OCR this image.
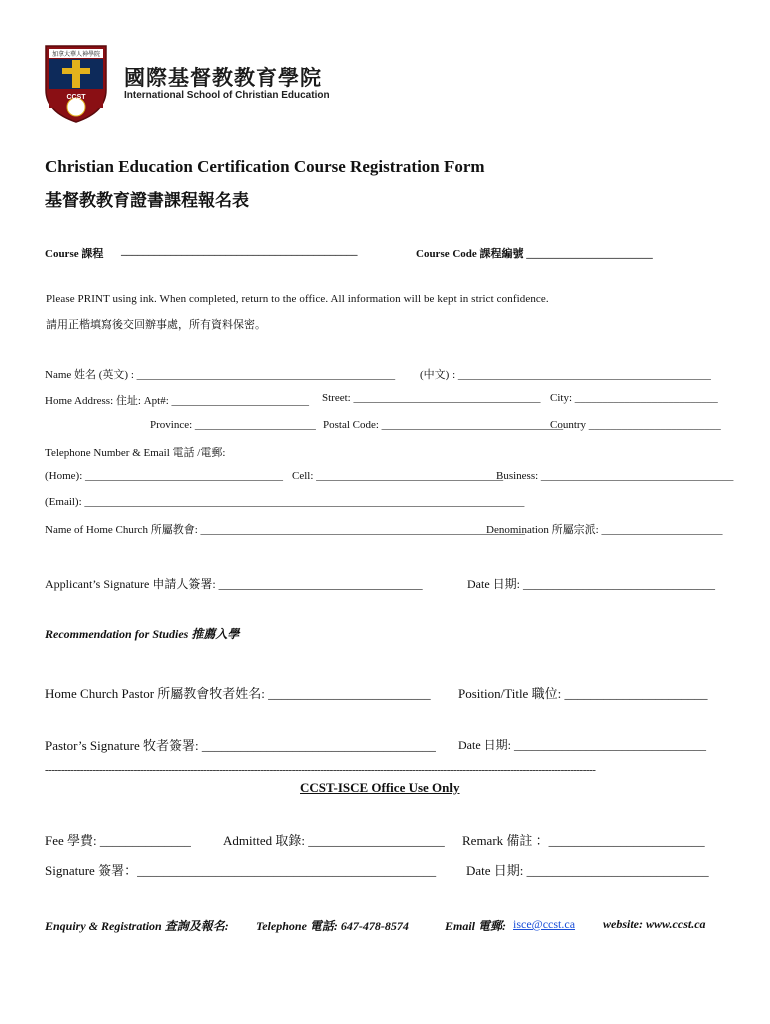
加拿大華人神學院
CCST
國際基督教教育學院
International School of Christian Education
Christian Education Certification Course Registration Form
基督教教育證書課程報名表
Course 課程 ___________________________________________	Course Code 課程編號 _______________________
Please PRINT using ink. When completed, return to the office. All information will be kept in strict confidence.
請用正楷填寫後交回辦事處，所有資料保密。
Name 姓名 (英文) : _______________________________________________ (中文) : ______________________________________________
Home Address: 住址: Apt#: _________________________ Street: __________________________________ City: __________________________
Province: ______________________ Postal Code: _________________________________
Country ________________________
Telephone Number & Email 電話 /電郵:
(Home): ____________________________________ Cell: __________________________________
Business: ___________________________________
(Email): ________________________________________________________________________________
Name of Home Church 所屬教會: ___________________________________________________________
Denomination 所屬宗派: ______________________
Applicant’s Signature 申請人簽署: __________________________________	Date 日期: ________________________________
Recommendation for Studies 推薦入學
Home Church Pastor 所屬教會牧者姓名: _________________________ Position/Title 職位: ______________________
Pastor’s Signature 牧者簽署: ____________________________________ Date 日期: ________________________________
------------------------------------------------------------------------------------------------------------------------------------------------------------------------------
CCST-ISCE Office Use Only
Fee 學費: ______________ Admitted 取錄: _____________________ Remark 備註 ：________________________
Signature 簽署：______________________________________________ Date 日期: ____________________________
Enquiry & Registration 查詢及報名: Telephone 電話: 647-478-8574	Email 電郵: isce@ccst.ca website: www.ccst.ca
